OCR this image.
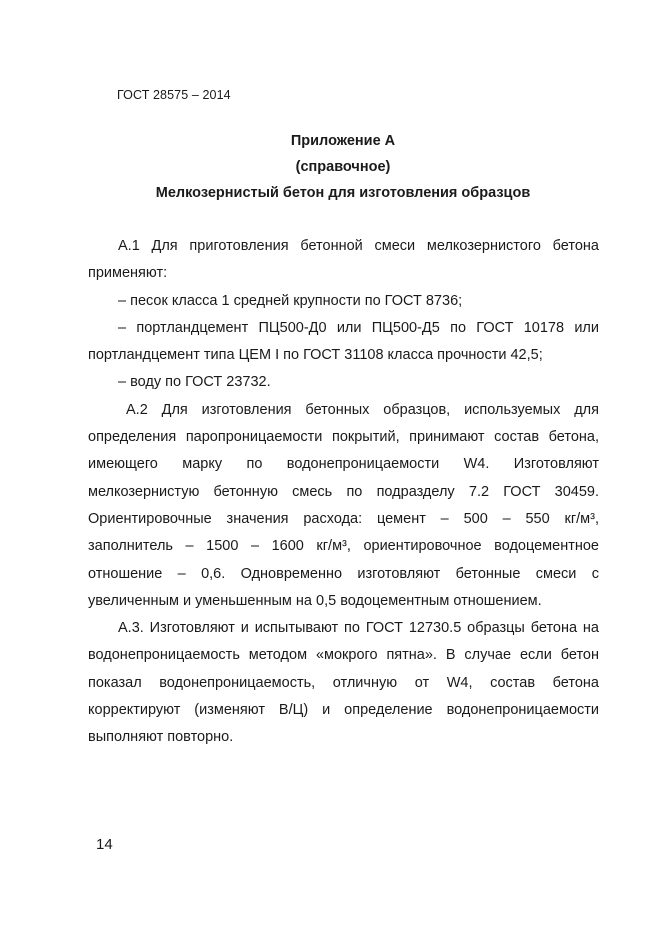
ГОСТ 28575 – 2014
Приложение А
(справочное)
Мелкозернистый бетон для изготовления образцов

А.1 Для приготовления бетонной смеси мелкозернистого бетона применяют:

– песок класса 1 средней крупности по ГОСТ 8736;

– портландцемент ПЦ500-Д0 или ПЦ500-Д5 по ГОСТ 10178 или портландцемент типа ЦЕМ I по ГОСТ 31108 класса прочности 42,5;

– воду по ГОСТ 23732.

А.2 Для изготовления бетонных образцов, используемых для определения паропроницаемости покрытий, принимают состав бетона, имеющего марку по водонепроницаемости W4. Изготовляют мелкозернистую бетонную смесь по подразделу 7.2 ГОСТ 30459. Ориентировочные значения расхода: цемент – 500 – 550 кг/м³, заполнитель – 1500 – 1600 кг/м³, ориентировочное водоцементное отношение – 0,6. Одновременно изготовляют бетонные смеси с увеличенным и уменьшенным на 0,5 водоцементным отношением.

А.3. Изготовляют и испытывают по ГОСТ 12730.5 образцы бетона на водонепроницаемость методом «мокрого пятна». В случае если бетон показал водонепроницаемость, отличную от W4, состав бетона корректируют (изменяют В/Ц) и определение водонепроницаемости выполняют повторно.

14
